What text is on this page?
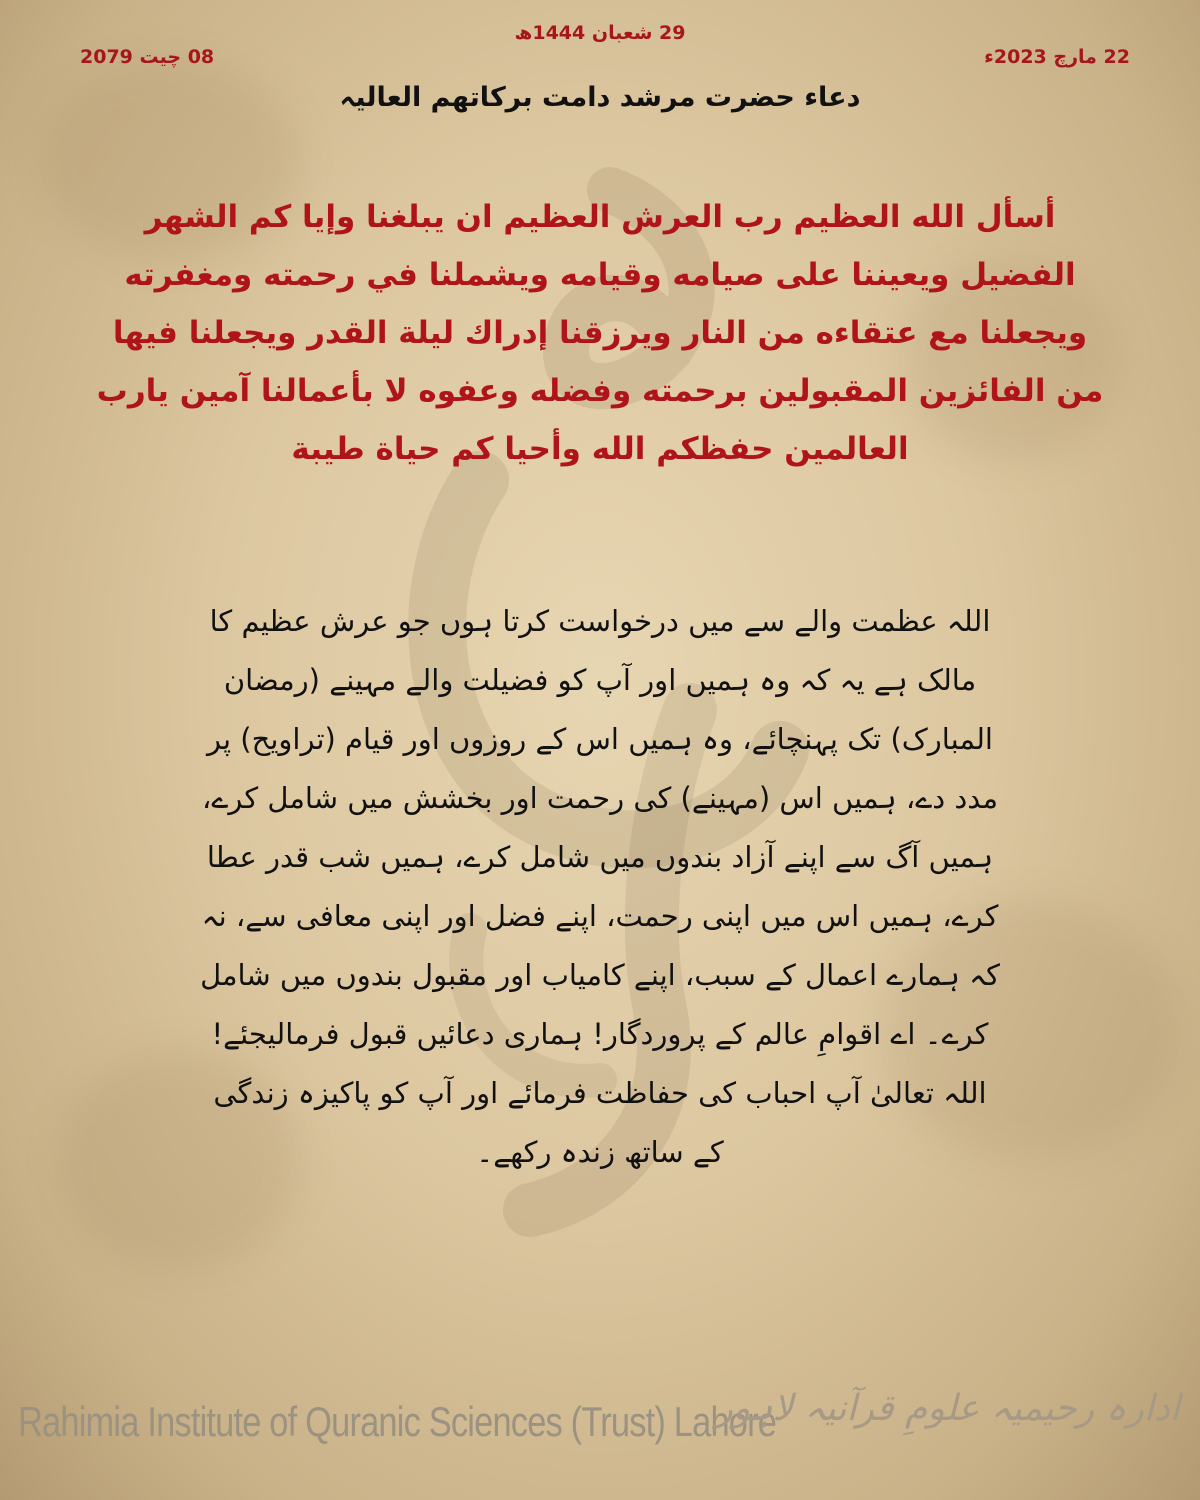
29 شعبان 1444ھ
22 مارچ 2023ء
08 چیت 2079
دعاء حضرت مرشد دامت برکاتھم العالیہ
أسأل الله العظيم رب العرش العظيم ان يبلغنا وإيا كم الشهر الفضيل ويعيننا على صيامه وقيامه ويشملنا في رحمته ومغفرته ويجعلنا مع عتقاءه من النار ويرزقنا إدراك ليلة القدر ويجعلنا فيها من الفائزين المقبولين برحمته وفضله وعفوه لا بأعمالنا آمين يارب العالمين حفظكم الله وأحيا كم حياة طيبة
اللہ عظمت والے سے میں درخواست کرتا ہوں جو عرش عظیم کا مالک ہے یہ کہ وہ ہمیں اور آپ کو فضیلت والے مہینے (رمضان المبارک) تک پہنچائے، وہ ہمیں اس کے روزوں اور قیام (تراویح) پر مدد دے، ہمیں اس (مہینے) کی رحمت اور بخشش میں شامل کرے، ہمیں آگ سے اپنے آزاد بندوں میں شامل کرے، ہمیں شب قدر عطا کرے، ہمیں اس میں اپنی رحمت، اپنے فضل اور اپنی معافی سے، نہ کہ ہمارے اعمال کے سبب، اپنے کامیاب اور مقبول بندوں میں شامل کرے۔ اے اقوامِ عالم کے پروردگار! ہماری دعائیں قبول فرمالیجئے! اللہ تعالیٰ آپ احباب کی حفاظت فرمائے اور آپ کو پاکیزہ زندگی کے ساتھ زندہ رکھے۔
Rahimia Institute of Quranic Sciences (Trust) Lahore
ادارہ رحیمیہ علومِ قرآنیہ لاہور
